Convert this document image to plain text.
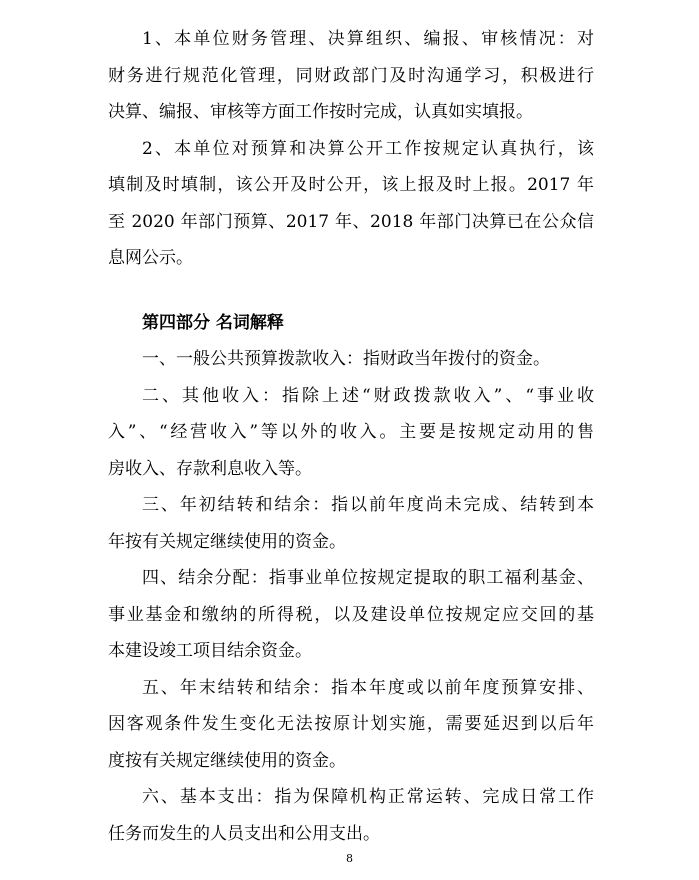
1、本单位财务管理、决算组织、编报、审核情况：对
财务进行规范化管理，同财政部门及时沟通学习，积极进行
决算、编报、审核等方面工作按时完成，认真如实填报。
2、本单位对预算和决算公开工作按规定认真执行，该
填制及时填制，该公开及时公开，该上报及时上报。2017 年
至 2020 年部门预算、2017 年、2018 年部门决算已在公众信
息网公示。
第四部分 名词解释
一、一般公共预算拨款收入：指财政当年拨付的资金。
二、其他收入：指除上述“财政拨款收入”、“事业收
入”、“经营收入”等以外的收入。主要是按规定动用的售
房收入、存款利息收入等。
三、年初结转和结余：指以前年度尚未完成、结转到本
年按有关规定继续使用的资金。
四、结余分配：指事业单位按规定提取的职工福利基金、
事业基金和缴纳的所得税，以及建设单位按规定应交回的基
本建设竣工项目结余资金。
五、年末结转和结余：指本年度或以前年度预算安排、
因客观条件发生变化无法按原计划实施，需要延迟到以后年
度按有关规定继续使用的资金。
六、基本支出：指为保障机构正常运转、完成日常工作
任务而发生的人员支出和公用支出。
8
